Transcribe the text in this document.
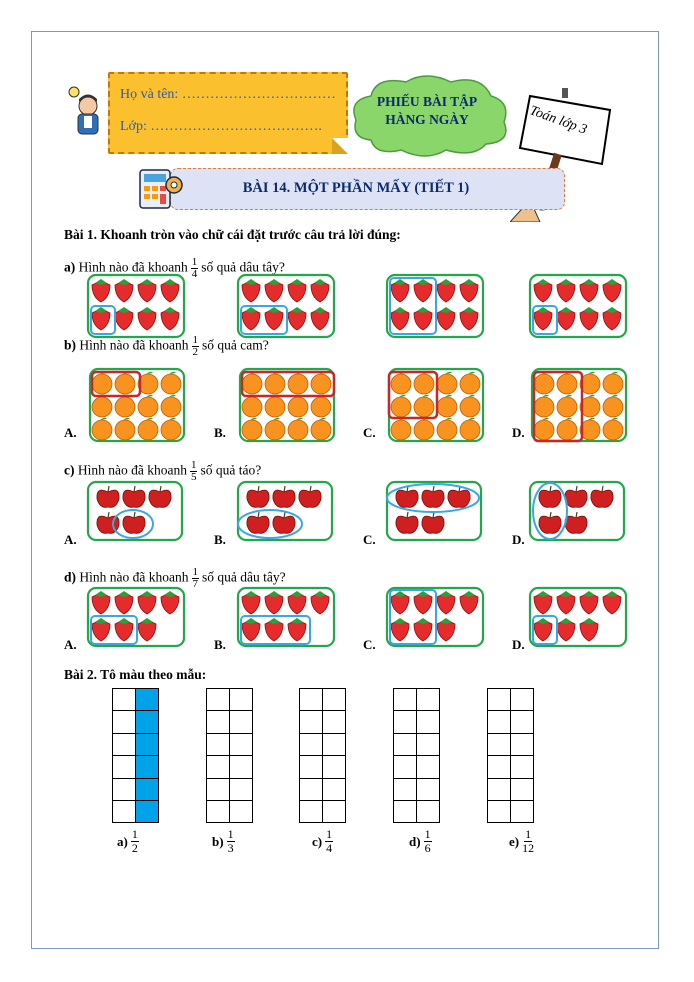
Họ và tên: ……………………………
Lớp: ……………………………….
PHIẾU BÀI TẬP
HÀNG NGÀY	Toán lớp 3
BÀI 14. MỘT PHẦN MẤY (TIẾT 1)
Bài 1. Khoanh tròn vào chữ cái đặt trước câu trả lời đúng:
a) Hình nào đã khoanh $\frac{1}{4}$ số quả dâu tây?
b) Hình nào đã khoanh $\frac{1}{2}$ số quả cam?
c) Hình nào đã khoanh $\frac{1}{5}$ số quả táo?
d) Hình nào đã khoanh $\frac{1}{7}$ số quả dâu tây?
A.	B.	C.	D.
A.	B.	C.	D.
A.	B.	C.	D.
Bài 2. Tô màu theo mẫu:

$a) \frac{1}{2}$	$b) \frac{1}{3}$	$c) \frac{1}{4}$	$d) \frac{1}{6}$	$e) \frac{1}{12}$
